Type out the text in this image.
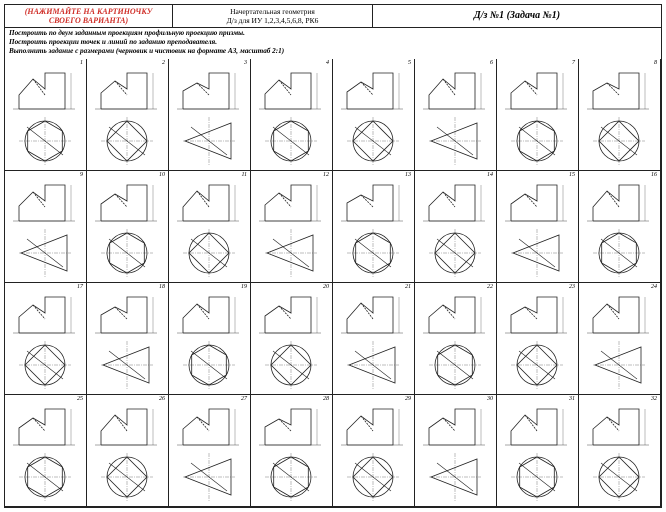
(НАЖИМАЙТЕ НА КАРТИНОЧКУ
СВОЕГО ВАРИАНТА)
Начертательная геометрия
Д/з для ИУ 1,2,3,4,5,6,8, РК6	Д/з №1 (Задача №1)
Построить по двум заданным проекциям профильную проекцию призмы.
Построить проекции точек и линий по заданию преподавателя.
Выполнить задание с размерами (черновик и чистовик на формате А3, масштаб 2:1)
1	2	3	4	5	6	7	8
9	10	11	12	13	14	15	16
17	18	19	20	21	22	23	24
25	26	27	28	29	30	31	32
